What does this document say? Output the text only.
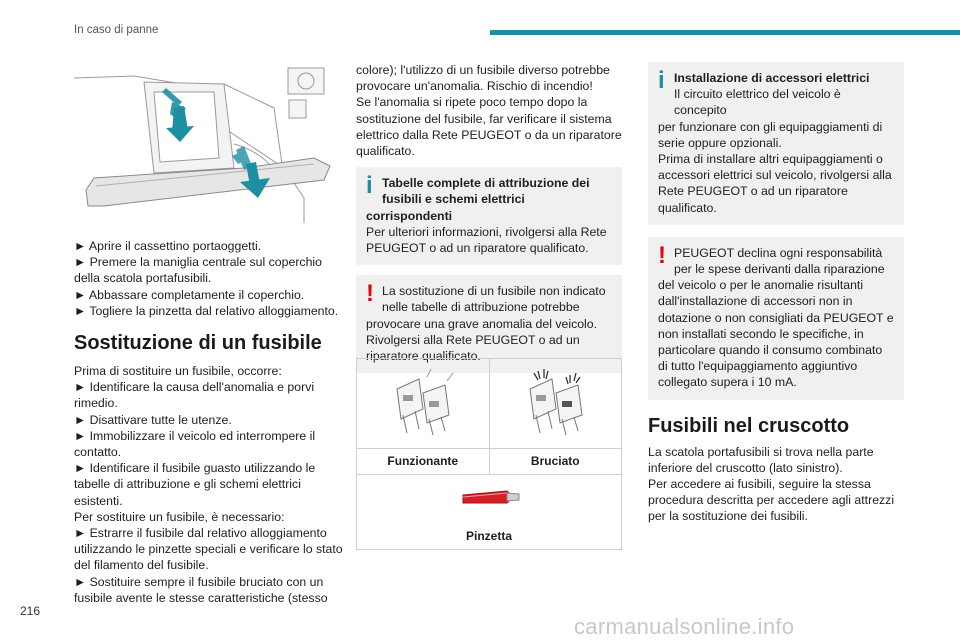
In caso di panne

► Aprire il cassettino portaoggetti.

► Premere la maniglia centrale sul coperchio della scatola portafusibili.

► Abbassare completamente il coperchio.

► Togliere la pinzetta dal relativo alloggiamento.

Sostituzione di un fusibile

Prima di sostituire un fusibile, occorre:

► Identificare la causa dell'anomalia e porvi rimedio.

► Disattivare tutte le utenze.

► Immobilizzare il veicolo ed interrompere il contatto.

► Identificare il fusibile guasto utilizzando le tabelle di attribuzione e gli schemi elettrici esistenti.

Per sostituire un fusibile, è necessario:

► Estrarre il fusibile dal relativo alloggiamento utilizzando le pinzette speciali e verificare lo stato del filamento del fusibile.

► Sostituire sempre il fusibile bruciato con un fusibile avente le stesse caratteristiche (stesso

colore); l'utilizzo di un fusibile diverso potrebbe provocare un'anomalia. Rischio di incendio!

Se l'anomalia si ripete poco tempo dopo la sostituzione del fusibile, far verificare il sistema elettrico dalla Rete PEUGEOT o da un riparatore qualificato.

i Tabelle complete di attribuzione dei
fusibili e schemi elettrici
corrispondenti

Per ulteriori informazioni, rivolgersi alla Rete PEUGEOT o ad un riparatore qualificato.

! La sostituzione di un fusibile non indicato
nelle tabelle di attribuzione potrebbe

provocare una grave anomalia del veicolo. Rivolgersi alla Rete PEUGEOT o ad un riparatore qualificato.

Funzionante	Bruciato
Pinzetta
i Installazione di accessori elettrici
Il circuito elettrico del veicolo è concepito

per funzionare con gli equipaggiamenti di serie oppure opzionali.

Prima di installare altri equipaggiamenti o accessori elettrici sul veicolo, rivolgersi alla Rete PEUGEOT o ad un riparatore qualificato.

! PEUGEOT declina ogni responsabilità
per le spese derivanti dalla riparazione

del veicolo o per le anomalie risultanti dall'installazione di accessori non in dotazione o non consigliati da PEUGEOT e non installati secondo le specifiche, in particolare quando il consumo combinato di tutto l'equipaggiamento aggiuntivo collegato supera i 10 mA.

Fusibili nel cruscotto

La scatola portafusibili si trova nella parte inferiore del cruscotto (lato sinistro).

Per accedere ai fusibili, seguire la stessa procedura descritta per accedere agli attrezzi per la sostituzione dei fusibili.

216
carmanualsonline.info
